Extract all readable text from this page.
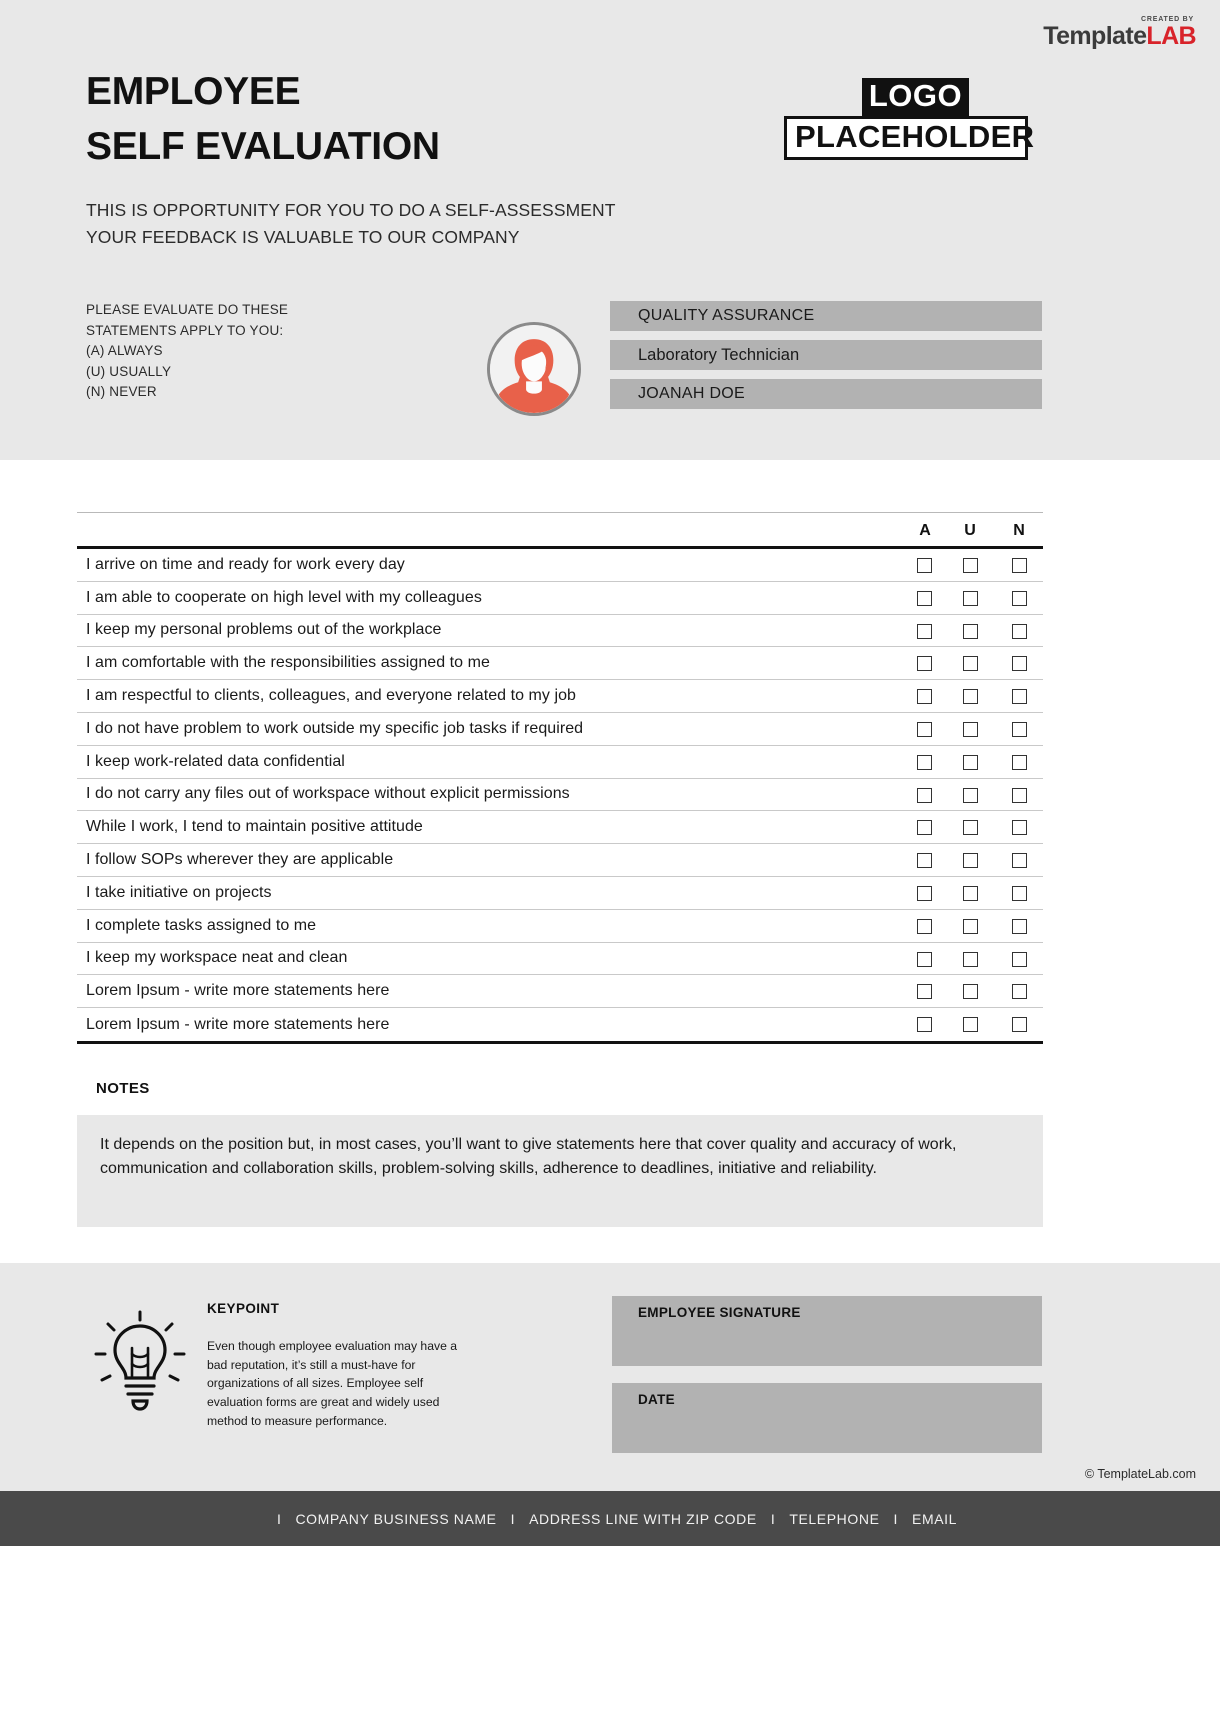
CREATED BY
TemplateLAB
EMPLOYEE
SELF EVALUATION
THIS IS OPPORTUNITY FOR YOU TO DO A SELF-ASSESSMENT
YOUR FEEDBACK IS VALUABLE TO OUR COMPANY
PLEASE EVALUATE DO THESE
STATEMENTS APPLY TO YOU:
(A) ALWAYS
(U) USUALLY
(N) NEVER
LOGO
PLACEHOLDER
QUALITY ASSURANCE
Laboratory Technician
JOANAH DOE
A	U	N
I arrive on time and ready for work every day
I am able to cooperate on high level with my colleagues
I keep my personal problems out of the workplace
I am comfortable with the responsibilities assigned to me
I am respectful to clients, colleagues, and everyone related to my job
I do not have problem to work outside my specific job tasks if required
I keep work-related data confidential
I do not carry any files out of workspace without explicit permissions
While I work, I tend to maintain positive attitude
I follow SOPs wherever they are applicable
I take initiative on projects
I complete tasks assigned to me
I keep my workspace neat and clean
Lorem Ipsum - write more statements here
Lorem Ipsum - write more statements here
NOTES
It depends on the position but, in most cases, you’ll want to give statements here that cover quality and accuracy of work, communication and collaboration skills, problem-solving skills, adherence to deadlines, initiative and reliability.
KEYPOINT
Even though employee evaluation may have a bad reputation, it’s still a must-have for organizations of all sizes. Employee self evaluation forms are great and widely used method to measure performance.
EMPLOYEE SIGNATURE
DATE
© TemplateLab.com
I	COMPANY BUSINESS NAME	I	ADDRESS LINE WITH ZIP CODE	I	TELEPHONE	I	EMAIL
